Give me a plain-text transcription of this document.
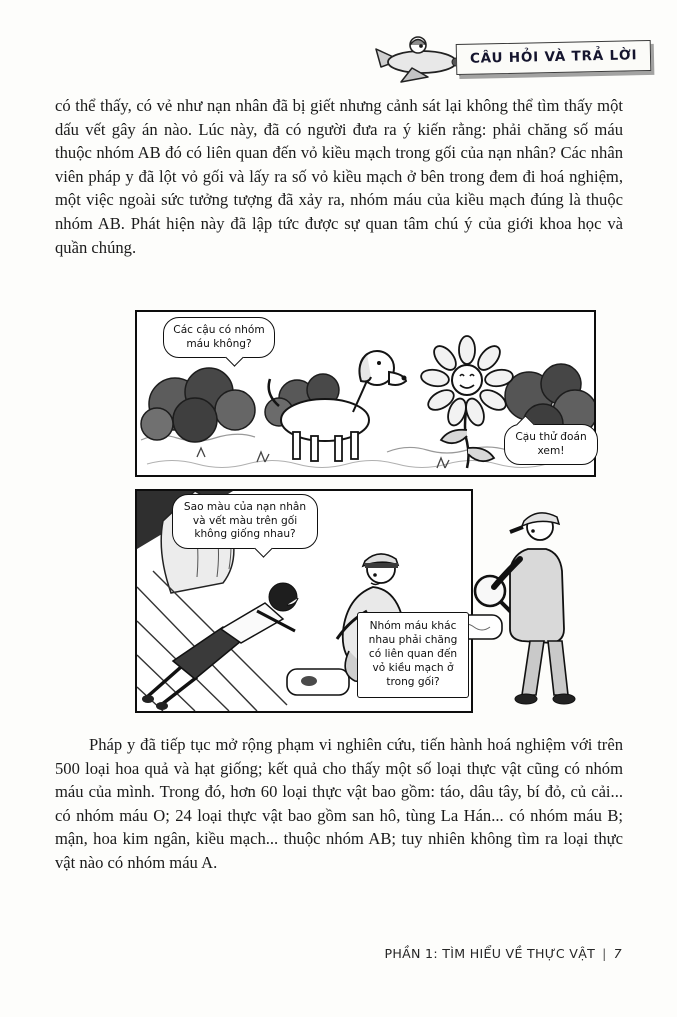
CÂU HỎI VÀ TRẢ LỜI

có thể thấy, có vẻ như nạn nhân đã bị giết nhưng cảnh sát lại không thể tìm thấy một dấu vết gây án nào. Lúc này, đã có người đưa ra ý kiến rằng: phải chăng số máu thuộc nhóm AB đó có liên quan đến vỏ kiều mạch trong gối của nạn nhân? Các nhân viên pháp y đã lột vỏ gối và lấy ra số vỏ kiều mạch ở bên trong đem đi hoá nghiệm, một việc ngoài sức tưởng tượng đã xảy ra, nhóm máu của kiều mạch đúng là thuộc nhóm AB. Phát hiện này đã lập tức được sự quan tâm chú ý của giới khoa học và quần chúng.

Các cậu có nhóm máu không?
Cậu thử đoán xem!
Sao màu của nạn nhân và vết màu trên gối không giống nhau?
Nhóm máu khác nhau phải chăng có liên quan đến vỏ kiều mạch ở trong gối?

Pháp y đã tiếp tục mở rộng phạm vi nghiên cứu, tiến hành hoá nghiệm với trên 500 loại hoa quả và hạt giống; kết quả cho thấy một số loại thực vật cũng có nhóm máu của mình. Trong đó, hơn 60 loại thực vật bao gồm: táo, dâu tây, bí đỏ, củ cải... có nhóm máu O; 24 loại thực vật bao gồm san hô, tùng La Hán... có nhóm máu B; mận, hoa kim ngân, kiều mạch... thuộc nhóm AB; tuy nhiên không tìm ra loại thực vật nào có nhóm máu A.

PHẦN 1: TÌM HIỂU VỀ THỰC VẬT | 7
